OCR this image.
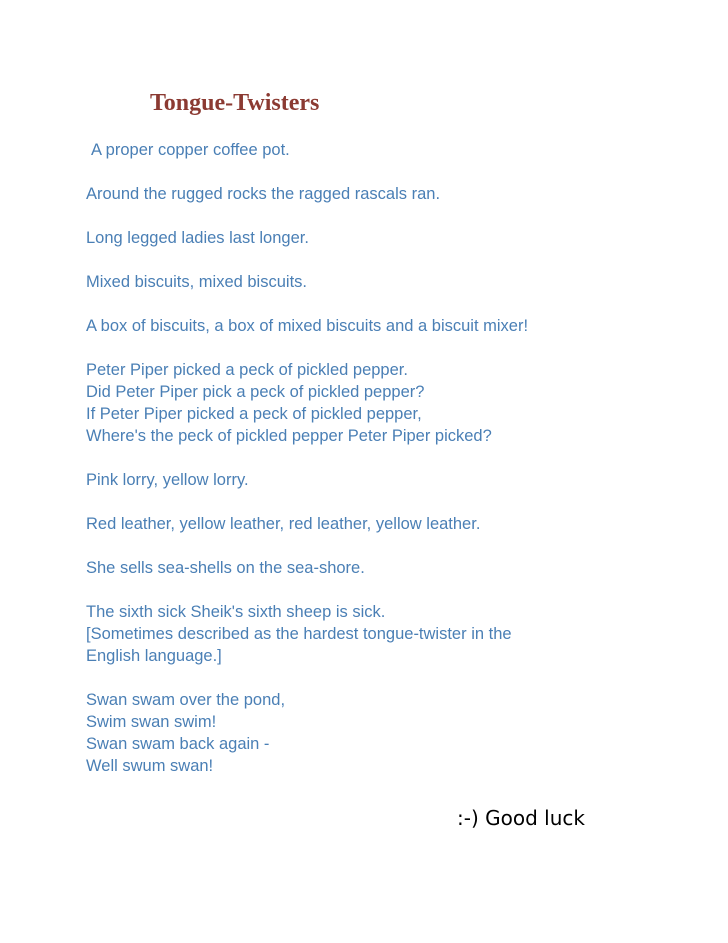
Tongue-Twisters
A proper copper coffee pot.
Around the rugged rocks the ragged rascals ran.
Long legged ladies last longer.
Mixed biscuits, mixed biscuits.
A box of biscuits, a box of mixed biscuits and a biscuit mixer!
Peter Piper picked a peck of pickled pepper.
Did Peter Piper pick a peck of pickled pepper?
If Peter Piper picked a peck of pickled pepper,
Where's the peck of pickled pepper Peter Piper picked?
Pink lorry, yellow lorry.
Red leather, yellow leather, red leather, yellow leather.
She sells sea-shells on the sea-shore.
The sixth sick Sheik's sixth sheep is sick.
[Sometimes described as the hardest tongue-twister in the
English language.]
Swan swam over the pond,
Swim swan swim!
Swan swam back again -
Well swum swan!
:-) Good luck
